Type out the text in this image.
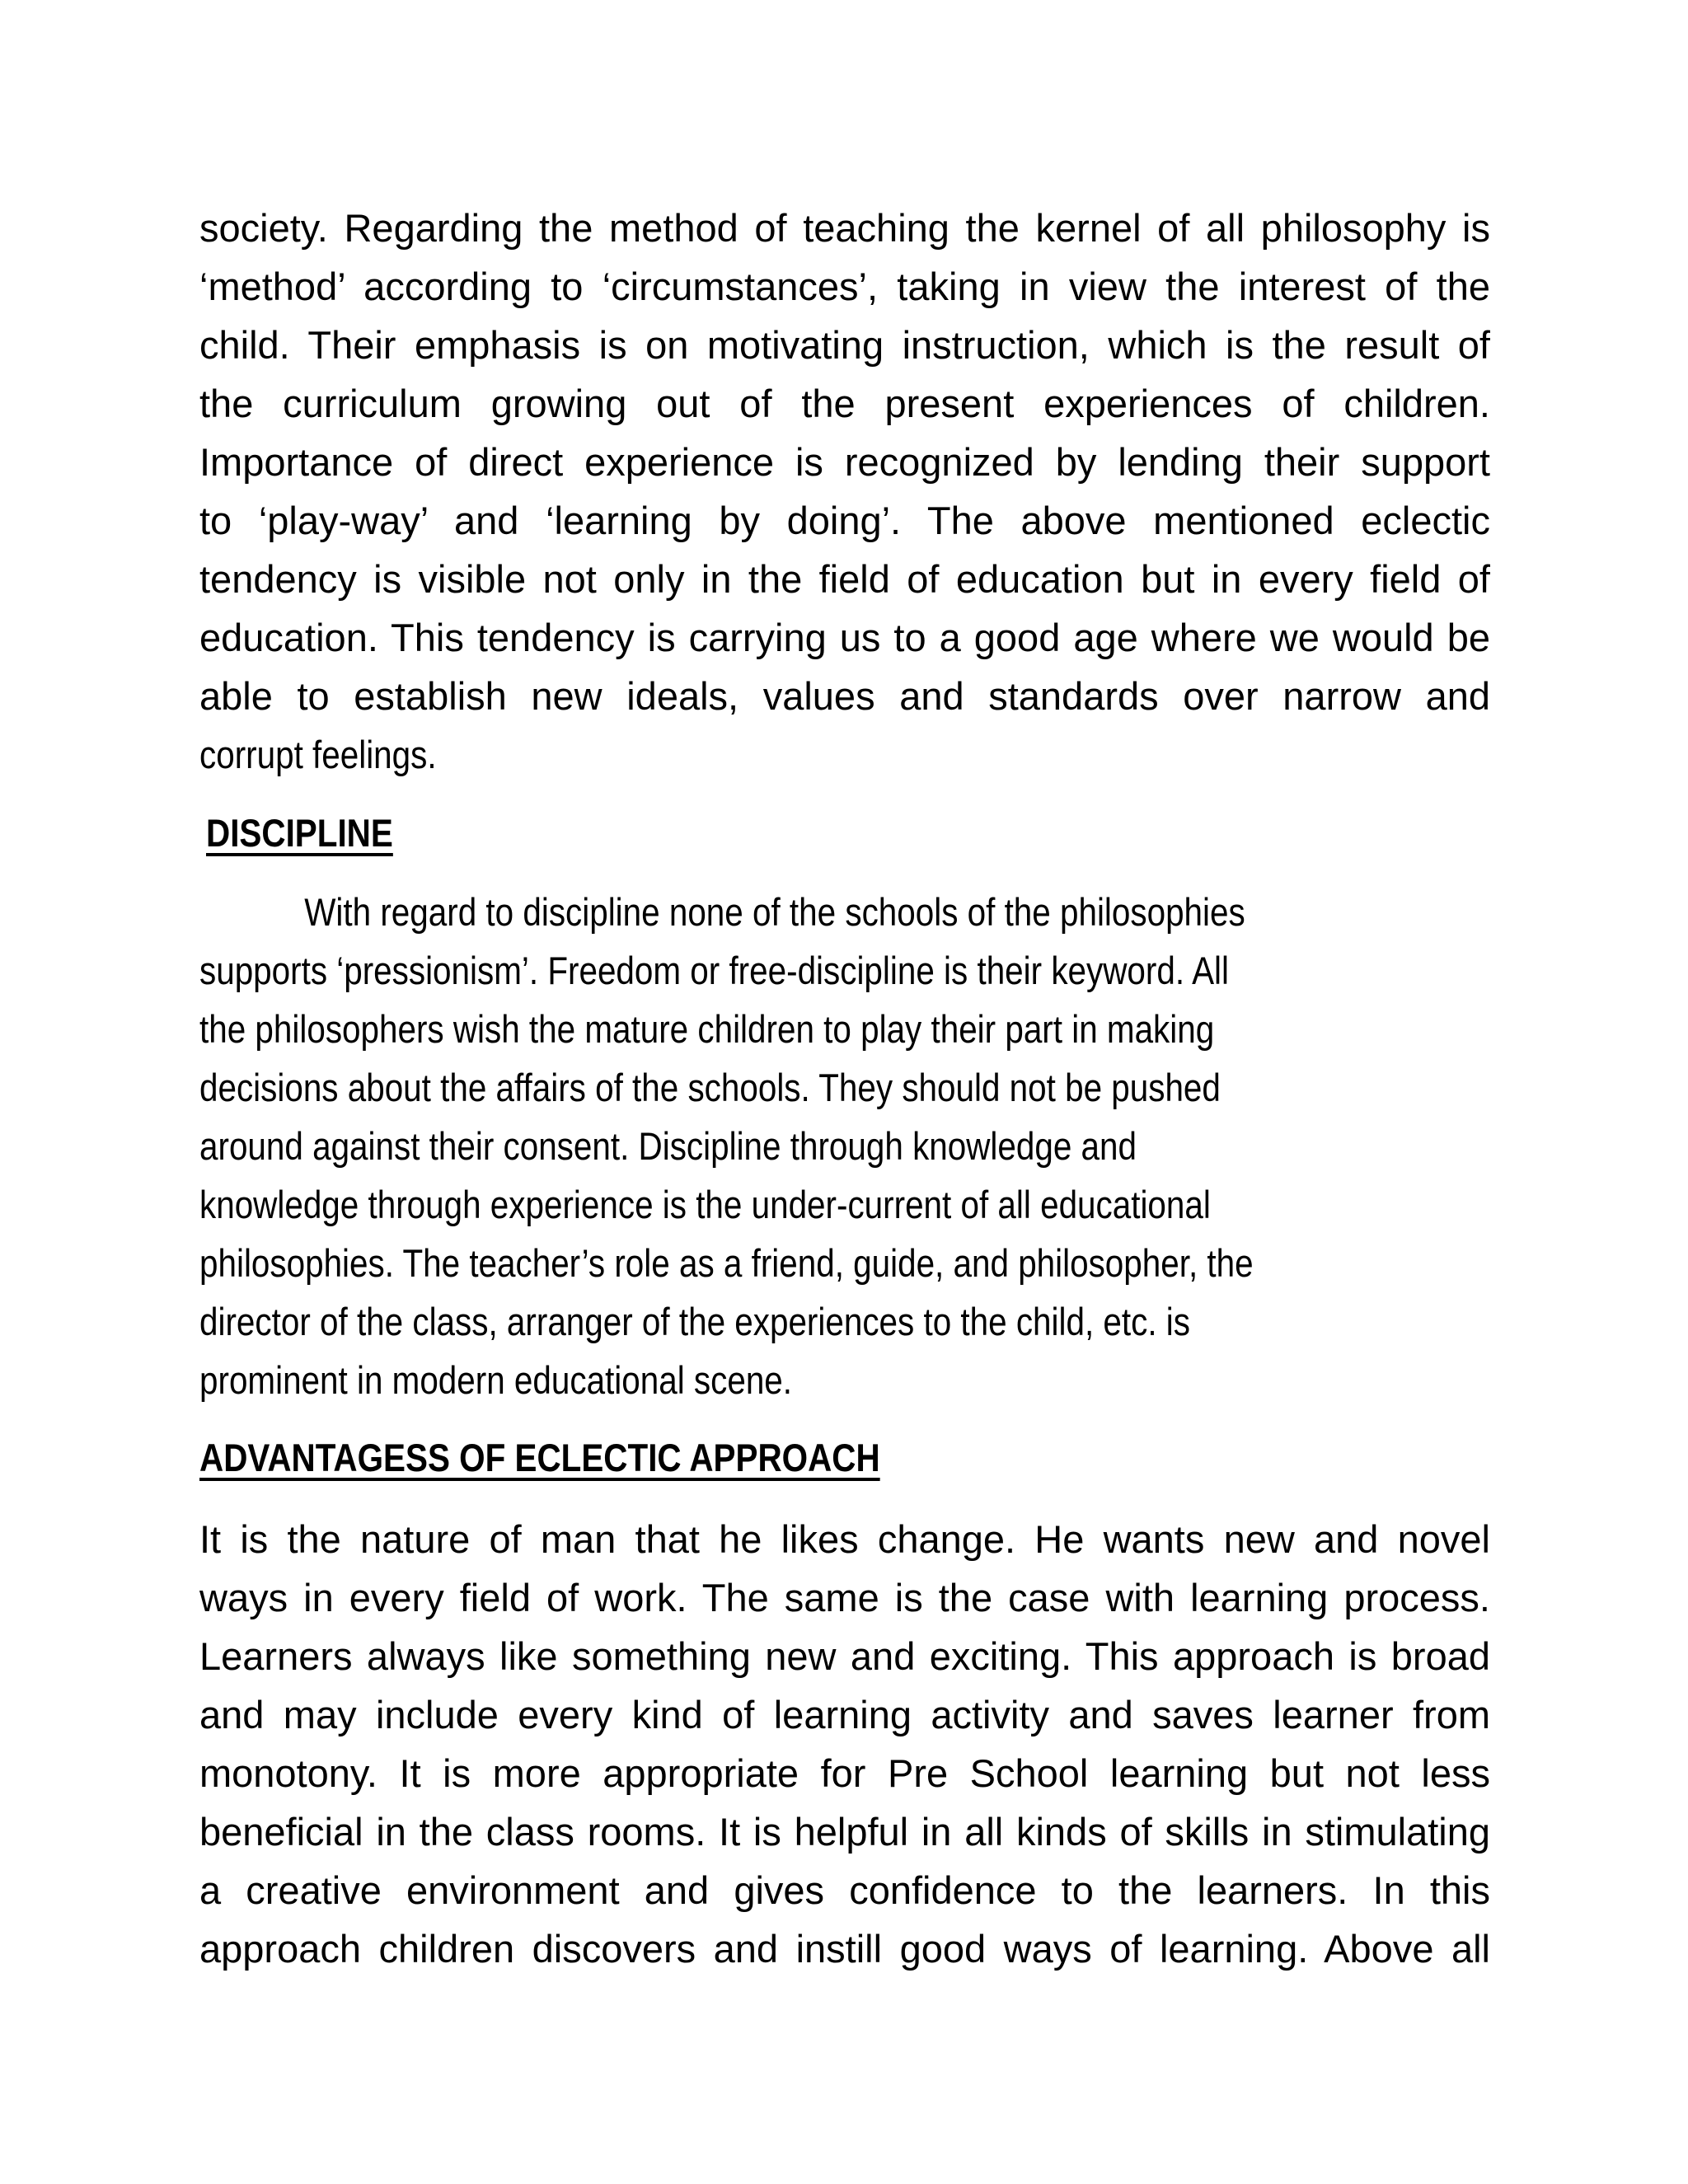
society. Regarding the method of teaching the kernel of all philosophy is
‘method’ according to ‘circumstances’, taking in view the interest of the
child. Their emphasis is on motivating instruction, which is the result of
the curriculum growing out of the present experiences of children.
Importance of direct experience is recognized by lending their support
to ‘play-way’ and ‘learning by doing’. The above mentioned eclectic
tendency is visible not only in the field of education but in every field of
education. This tendency is carrying us to a good age where we would be
able to establish new ideals, values and standards over narrow and
corrupt feelings.
DISCIPLINE
With regard to discipline none of the schools of the philosophies
supports ‘pressionism’. Freedom or free-discipline is their keyword. All
the philosophers wish the mature children to play their part in making
decisions about the affairs of the schools. They should not be pushed
around against their consent. Discipline through knowledge and
knowledge through experience is the under-current of all educational
philosophies. The teacher’s role as a friend, guide, and philosopher, the
director of the class, arranger of the experiences to the child, etc. is
prominent in modern educational scene.
ADVANTAGESS OF ECLECTIC APPROACH
It is the nature of man that he likes change. He wants new and novel
ways in every field of work. The same is the case with learning process.
Learners always like something new and exciting. This approach is broad
and may include every kind of learning activity and saves learner from
monotony. It is more appropriate for Pre School learning but not less
beneficial in the class rooms. It is helpful in all kinds of skills in stimulating
a creative environment and gives confidence to the learners. In this
approach children discovers and instill good ways of learning. Above all
